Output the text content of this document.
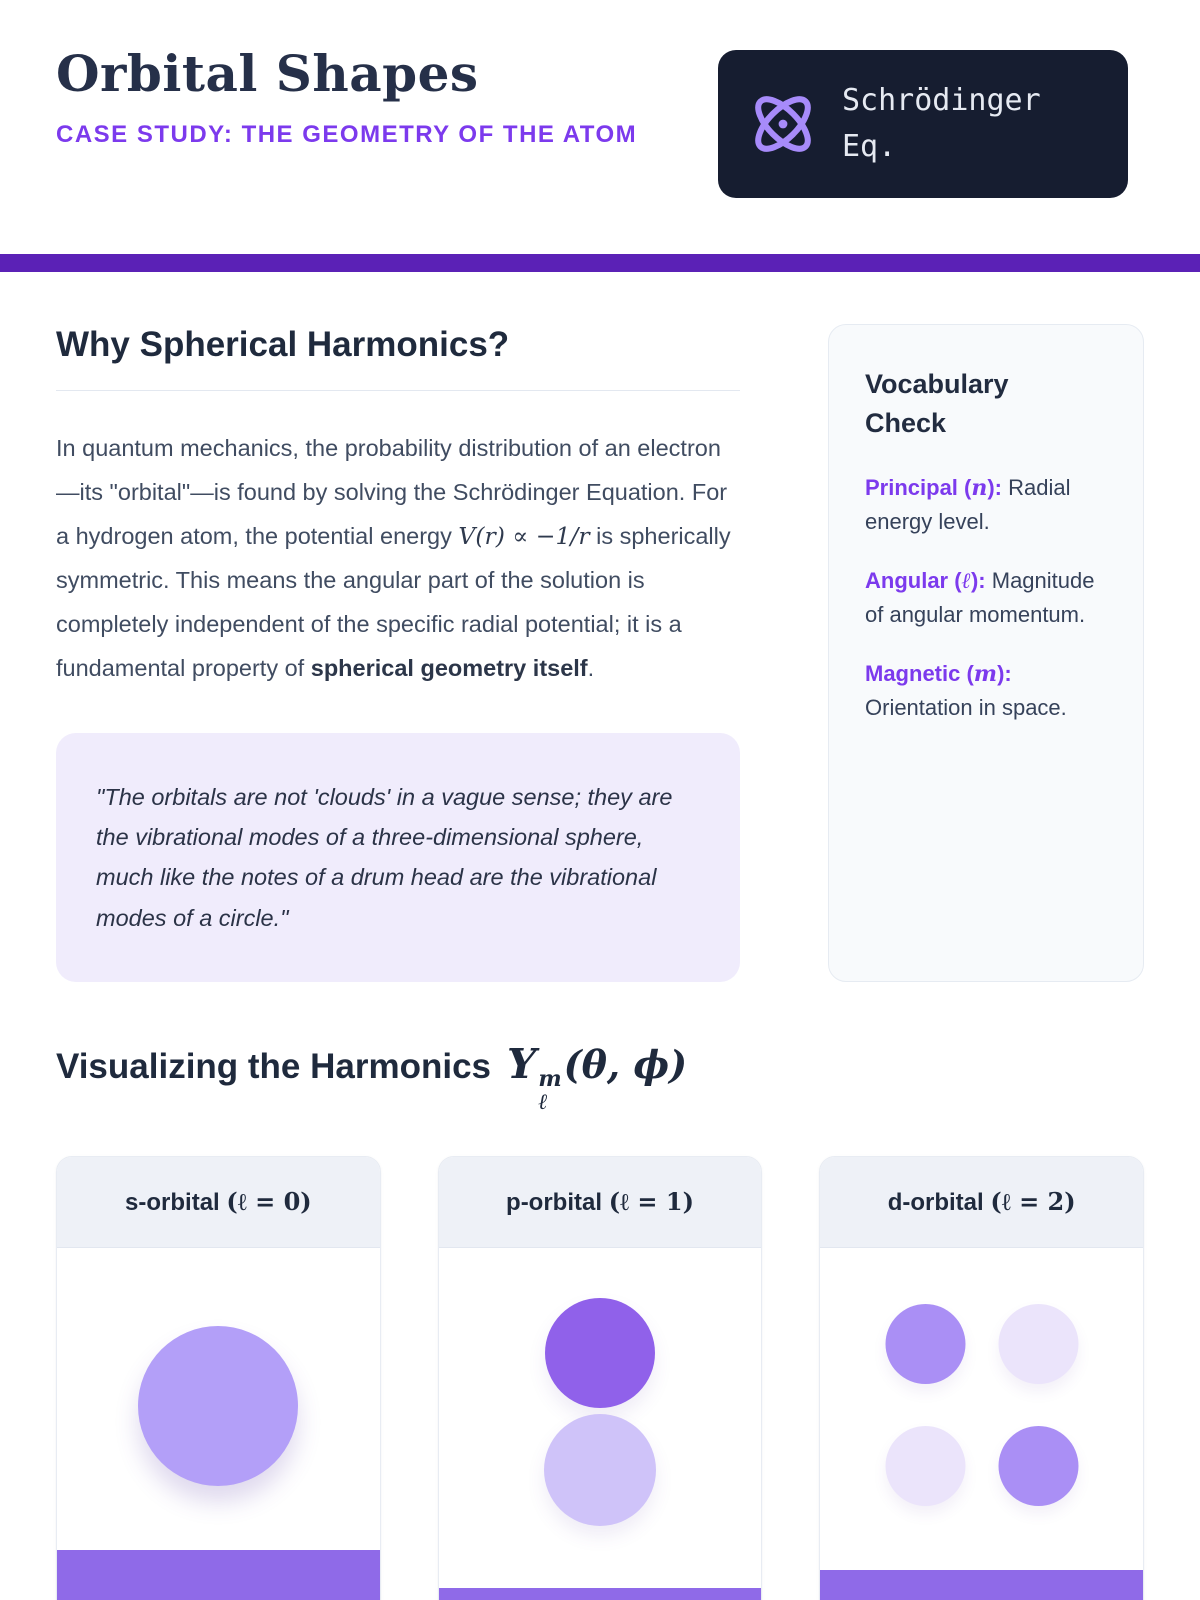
Orbital Shapes
CASE STUDY: THE GEOMETRY OF THE ATOM
Schrödinger Eq.
Why Spherical Harmonics?

In quantum mechanics, the probability distribution of an electron—its "orbital"—is found by solving the Schrödinger Equation. For a hydrogen atom, the potential energy V(r) ∝ −1/r is spherically symmetric. This means the angular part of the solution is completely independent of the specific radial potential; it is a fundamental property of spherical geometry itself.

"The orbitals are not 'clouds' in a vague sense; they are the vibrational modes of a three-dimensional sphere, much like the notes of a drum head are the vibrational modes of a circle."
Vocabulary Check

Principal (n): Radial energy level.

Angular (ℓ): Magnitude of angular momentum.

Magnetic (m): Orientation in space.

Visualizing the Harmonics Y m
ℓ
(θ, ϕ)
s-orbital (ℓ = 0)	p-orbital (ℓ = 1)	d-orbital (ℓ = 2)
